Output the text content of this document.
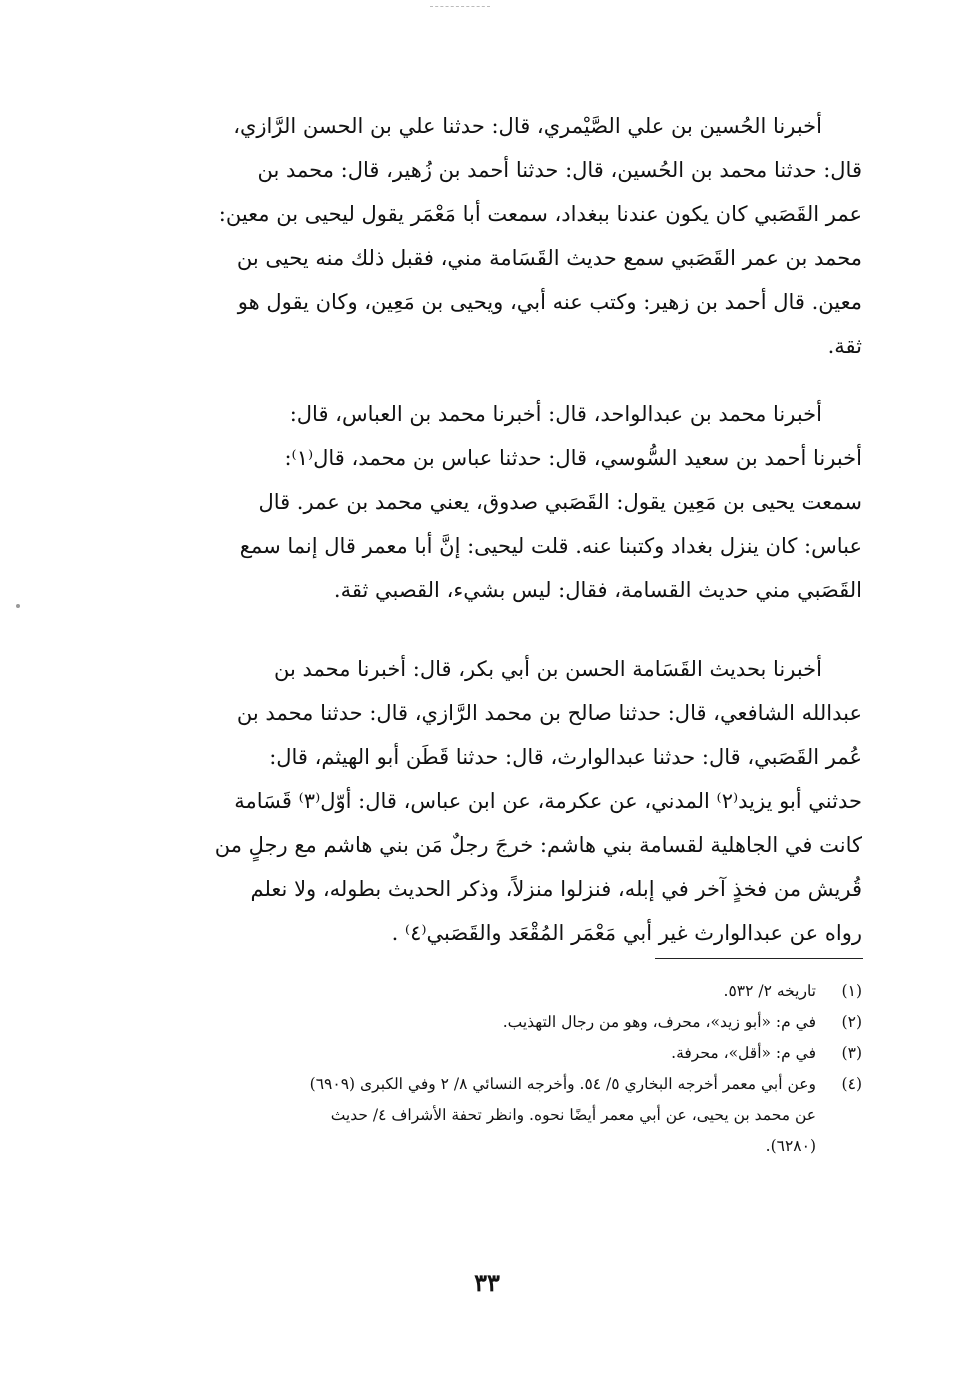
أخبرنا الحُسين بن علي الصَّيْمري، قال: حدثنا علي بن الحسن الرَّازي،
قال: حدثنا محمد بن الحُسين، قال: حدثنا أحمد بن زُهير، قال: محمد بن
عمر القَصَبي كان يكون عندنا ببغداد، سمعت أبا مَعْمَر يقول ليحيى بن معين:
محمد بن عمر القَصَبي سمع حديث القَسَامة مني، فقبل ذلك منه يحيى بن
معين. قال أحمد بن زهير: وكتب عنه أبي، ويحيى بن مَعِين، وكان يقول هو
ثقة.
أخبرنا محمد بن عبدالواحد، قال: أخبرنا محمد بن العباس، قال:
أخبرنا أحمد بن سعيد السُّوسي، قال: حدثنا عباس بن محمد، قال⁽١⁾:
سمعت يحيى بن مَعِين يقول: القَصَبي صدوق، يعني محمد بن عمر. قال
عباس: كان ينزل بغداد وكتبنا عنه. قلت ليحيى: إنَّ أبا معمر قال إنما سمع
القَصَبي مني حديث القسامة، فقال: ليس بشيء، القصبي ثقة.
أخبرنا بحديث القَسَامة الحسن بن أبي بكر، قال: أخبرنا محمد بن
عبدالله الشافعي، قال: حدثنا صالح بن محمد الرَّازي، قال: حدثنا محمد بن
عُمر القَصَبي، قال: حدثنا عبدالوارث، قال: حدثنا قَطَن أبو الهيثم، قال:
حدثني أبو يزيد⁽٢⁾ المدني، عن عكرمة، عن ابن عباس، قال: أوّل⁽٣⁾ قَسَامة
كانت في الجاهلية لقسامة بني هاشم: خرجَ رجلٌ مَن بني هاشم مع رجلٍ من
قُريش من فخذٍ آخر في إبله، فنزلوا منزلاً، وذكر الحديث بطوله، ولا نعلم
رواه عن عبدالوارث غير أبي مَعْمَر المُقْعَد والقَصَبي⁽٤⁾ .
(١)
تاريخه ٢/ ٥٣٢.
(٢)
في م: «أبو زيد»، محرف، وهو من رجال التهذيب.
(٣)
في م: «أقل»، محرفة.
(٤)
وعن أبي معمر أخرجه البخاري ٥/ ٥٤. وأخرجه النسائي ٨/ ٢ وفي الكبرى (٦٩٠٩)
عن محمد بن يحيى، عن أبي معمر أيضًا نحوه. وانظر تحفة الأشراف ٤/ حديث
(٦٢٨٠).
٣٣
